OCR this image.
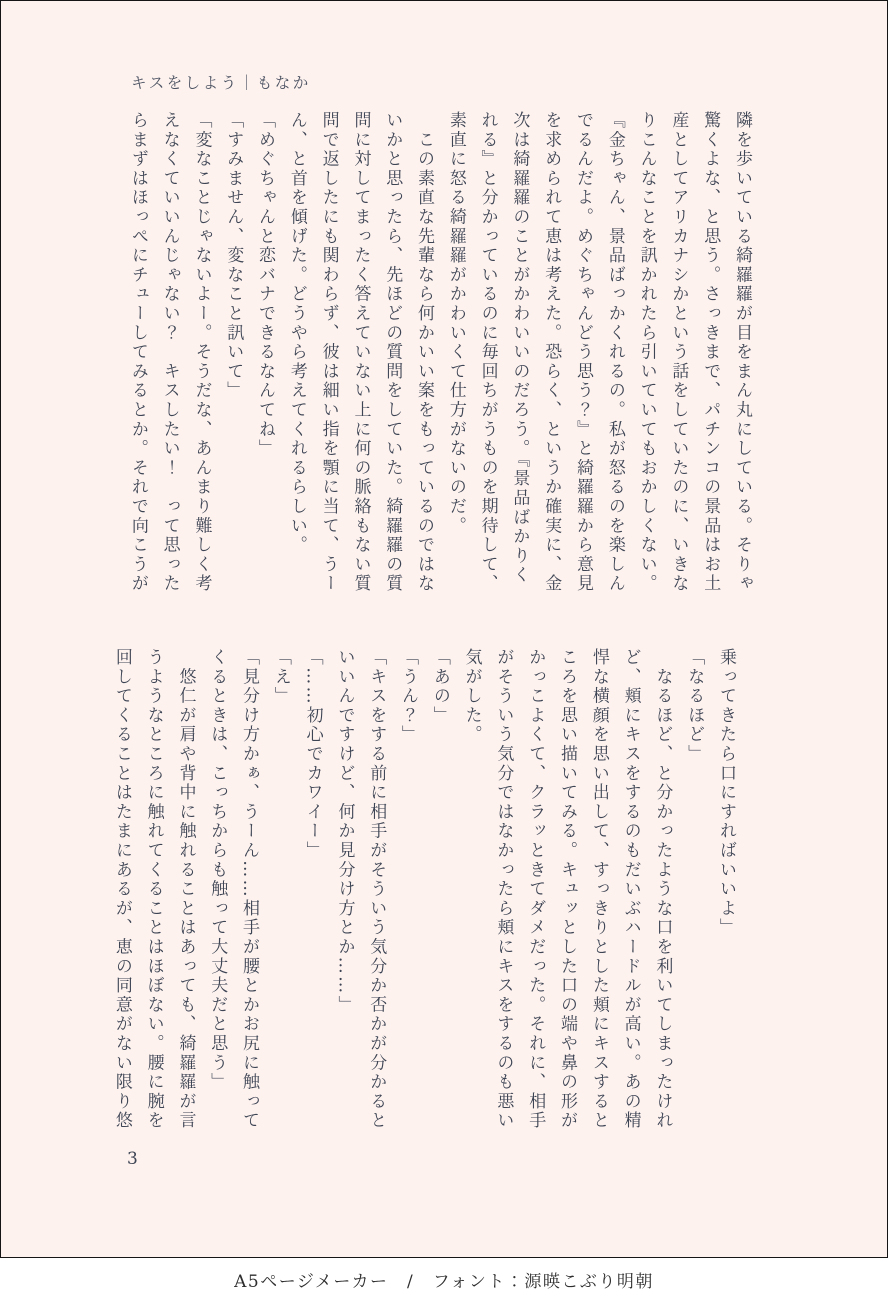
キスをしよう｜もなか
隣を歩いている綺羅羅が目をまん丸にしている。そりゃ
驚くよな、と思う。さっきまで、パチンコの景品はお土
産としてアリカナシかという話をしていたのに、いきな
りこんなことを訊かれたら引いていてもおかしくない。
『金ちゃん、景品ばっかくれるの。私が怒るのを楽しん
でるんだよ。めぐちゃんどう思う？』と綺羅羅から意見
を求められて恵は考えた。恐らく、というか確実に、金
次は綺羅羅のことがかわいいのだろう。『景品ばかりく
れる』と分かっているのに毎回ちがうものを期待して、
素直に怒る綺羅羅がかわいくて仕方がないのだ。
　この素直な先輩なら何かいい案をもっているのではな
いかと思ったら、先ほどの質問をしていた。綺羅羅の質
問に対してまったく答えていない上に何の脈絡もない質
問で返したにも関わらず、彼は細い指を顎に当て、うー
ん、と首を傾げた。どうやら考えてくれるらしい。
「めぐちゃんと恋バナできるなんてね」
「すみません、変なこと訊いて」
「変なことじゃないよー。そうだな、あんまり難しく考
えなくていいんじゃない？　キスしたい！　って思った
らまずはほっぺにチューしてみるとか。それで向こうが
乗ってきたら口にすればいいよ」
「なるほど」
　なるほど、と分かったような口を利いてしまったけれ
ど、頬にキスをするのもだいぶハードルが高い。あの精
悍な横顔を思い出して、すっきりとした頬にキスすると
ころを思い描いてみる。キュッとした口の端や鼻の形が
かっこよくて、クラッときてダメだった。それに、相手
がそういう気分ではなかったら頬にキスをするのも悪い
気がした。
「あの」
「うん？」
「キスをする前に相手がそういう気分か否かが分かると
いいんですけど、何か見分け方とか……」
「……初心でカワイー」
「え」
「見分け方かぁ、うーん……相手が腰とかお尻に触って
くるときは、こっちからも触って大丈夫だと思う」
　悠仁が肩や背中に触れることはあっても、綺羅羅が言
うようなところに触れてくることはほぼない。腰に腕を
回してくることはたまにあるが、恵の同意がない限り悠
3
A5ページメーカー　/　フォント：源暎こぶり明朝
